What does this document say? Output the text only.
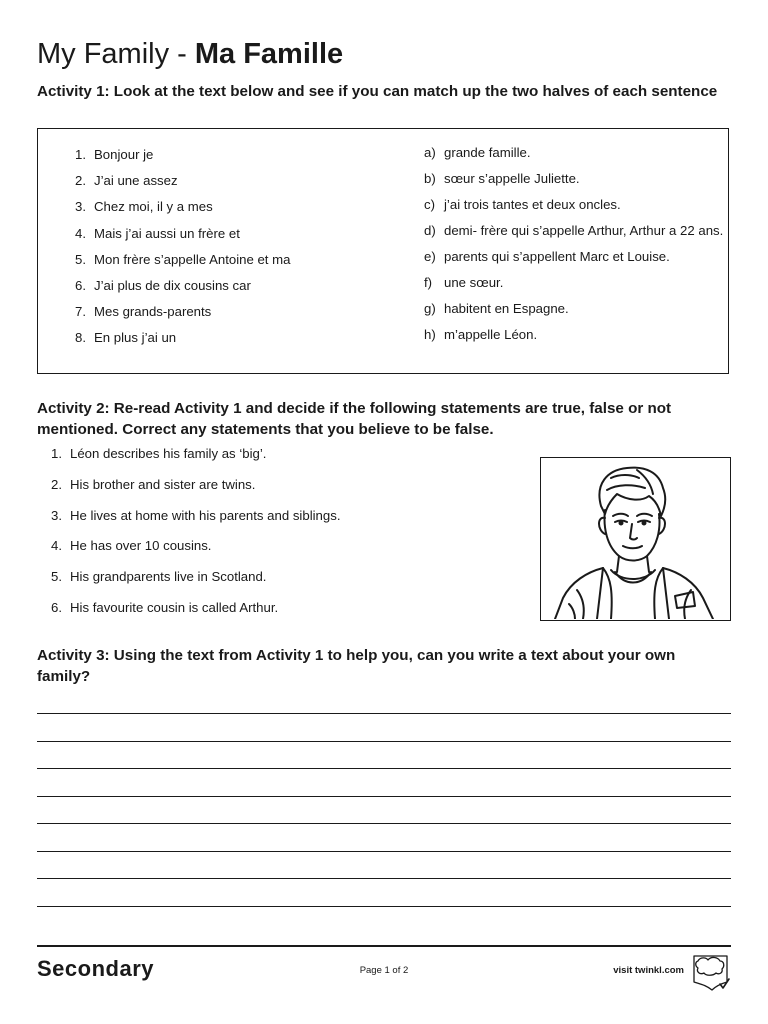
My Family - Ma Famille
Activity 1: Look at the text below and see if you can match up the two halves of each sentence
1. Bonjour je
2. J’ai une assez
3. Chez moi, il y a mes
4. Mais j’ai aussi un frère et
5. Mon frère s’appelle Antoine et ma
6. J’ai plus de dix cousins car
7. Mes grands-parents
8. En plus j’ai un
a) grande famille.
b) sœur s’appelle Juliette.
c) j’ai trois tantes et deux oncles.
d) demi- frère qui s’appelle Arthur, Arthur a 22 ans.
e) parents qui s’appellent Marc et Louise.
f) une sœur.
g) habitent en Espagne.
h) m’appelle Léon.
Activity 2: Re-read Activity 1 and decide if the following statements are true, false or not mentioned. Correct any statements that you believe to be false.
1. Léon describes his family as ‘big’.
2. His brother and sister are twins.
3. He lives at home with his parents and siblings.
4. He has over 10 cousins.
5. His grandparents live in Scotland.
6. His favourite cousin is called Arthur.
Activity 3: Using the text from Activity 1 to help you, can you write a text about your own family?
Secondary	Page 1 of 2	visit twinkl.com
